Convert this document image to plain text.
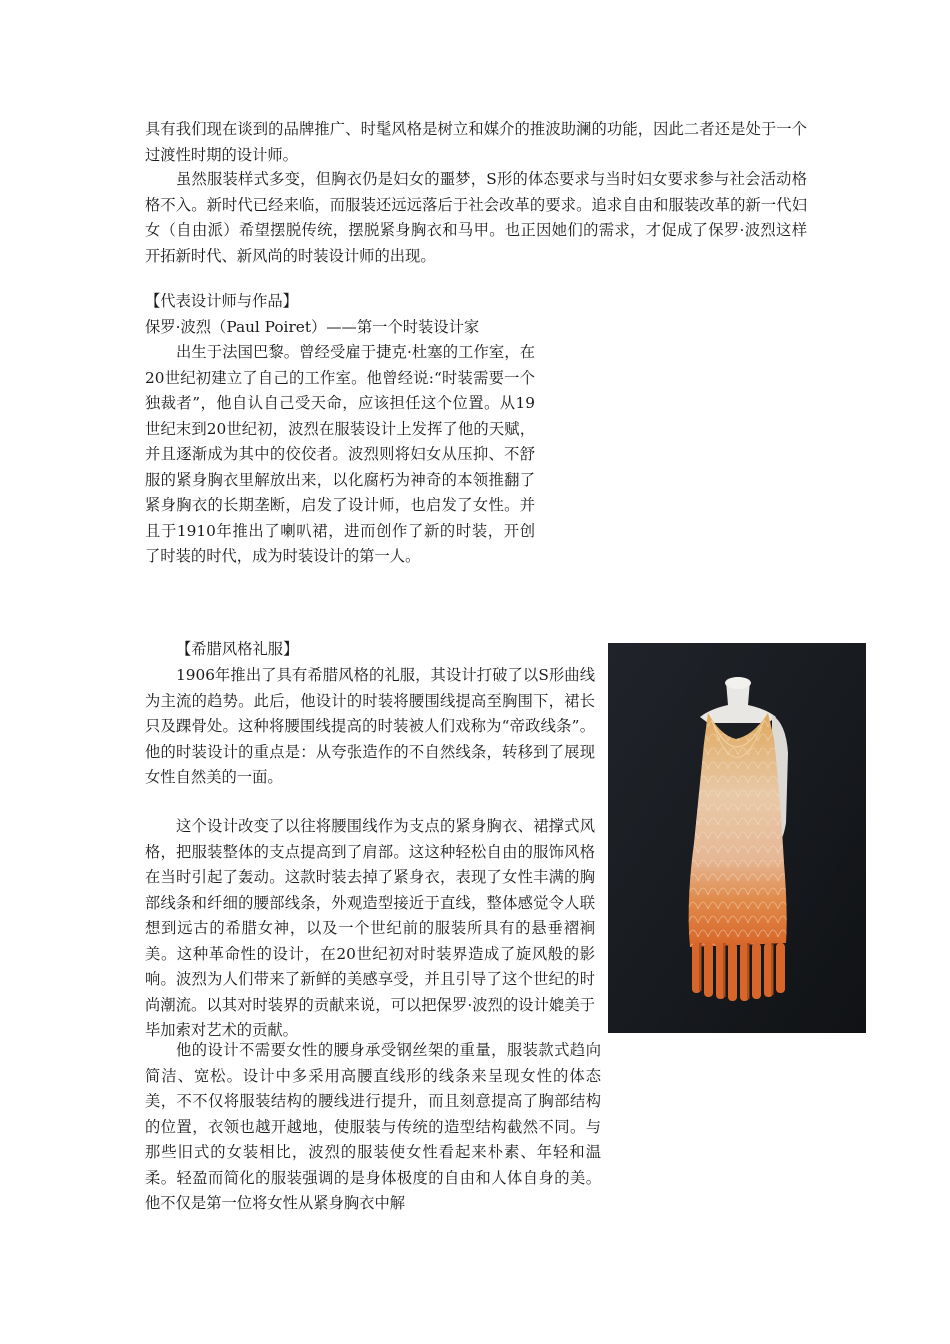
具有我们现在谈到的品牌推广、时髦风格是树立和媒介的推波助澜的功能，因此二者还是处于一个过渡性时期的设计师。

虽然服装样式多变，但胸衣仍是妇女的噩梦，S形的体态要求与当时妇女要求参与社会活动格格不入。新时代已经来临，而服装还远远落后于社会改革的要求。追求自由和服装改革的新一代妇女（自由派）希望摆脱传统，摆脱紧身胸衣和马甲。也正因她们的需求，才促成了保罗·波烈这样开拓新时代、新风尚的时装设计师的出现。

【代表设计师与作品】
保罗·波烈（Paul Poiret）——第一个时装设计家

出生于法国巴黎。曾经受雇于捷克·杜塞的工作室，在20世纪初建立了自己的工作室。他曾经说:“时装需要一个独裁者”，他自认自己受天命，应该担任这个位置。从19世纪末到20世纪初，波烈在服装设计上发挥了他的天赋，并且逐渐成为其中的佼佼者。波烈则将妇女从压抑、不舒服的紧身胸衣里解放出来，以化腐朽为神奇的本领推翻了紧身胸衣的长期垄断，启发了设计师，也启发了女性。并且于1910年推出了喇叭裙，进而创作了新的时装，开创了时装的时代，成为时装设计的第一人。

【希腊风格礼服】

1906年推出了具有希腊风格的礼服，其设计打破了以S形曲线为主流的趋势。此后，他设计的时装将腰围线提高至胸围下，裙长只及踝骨处。这种将腰围线提高的时装被人们戏称为“帝政线条”。他的时装设计的重点是：从夸张造作的不自然线条，转移到了展现女性自然美的一面。

这个设计改变了以往将腰围线作为支点的紧身胸衣、裙撑式风格，把服装整体的支点提高到了肩部。这这种轻松自由的服饰风格在当时引起了轰动。这款时装去掉了紧身衣，表现了女性丰满的胸部线条和纤细的腰部线条，外观造型接近于直线，整体感觉令人联想到远古的希腊女神，以及一个世纪前的服装所具有的悬垂褶裥美。这种革命性的设计，在20世纪初对时装界造成了旋风般的影响。波烈为人们带来了新鲜的美感享受，并且引导了这个世纪的时尚潮流。以其对时装界的贡献来说，可以把保罗·波烈的设计媲美于毕加索对艺术的贡献。

他的设计不需要女性的腰身承受钢丝架的重量，服装款式趋向简洁、宽松。设计中多采用高腰直线形的线条来呈现女性的体态美，不不仅将服装结构的腰线进行提升，而且刻意提高了胸部结构的位置，衣领也越开越地，使服装与传统的造型结构截然不同。与那些旧式的女装相比，波烈的服装使女性看起来朴素、年轻和温柔。轻盈而简化的服装强调的是身体极度的自由和人体自身的美。他不仅是第一位将女性从紧身胸衣中解
